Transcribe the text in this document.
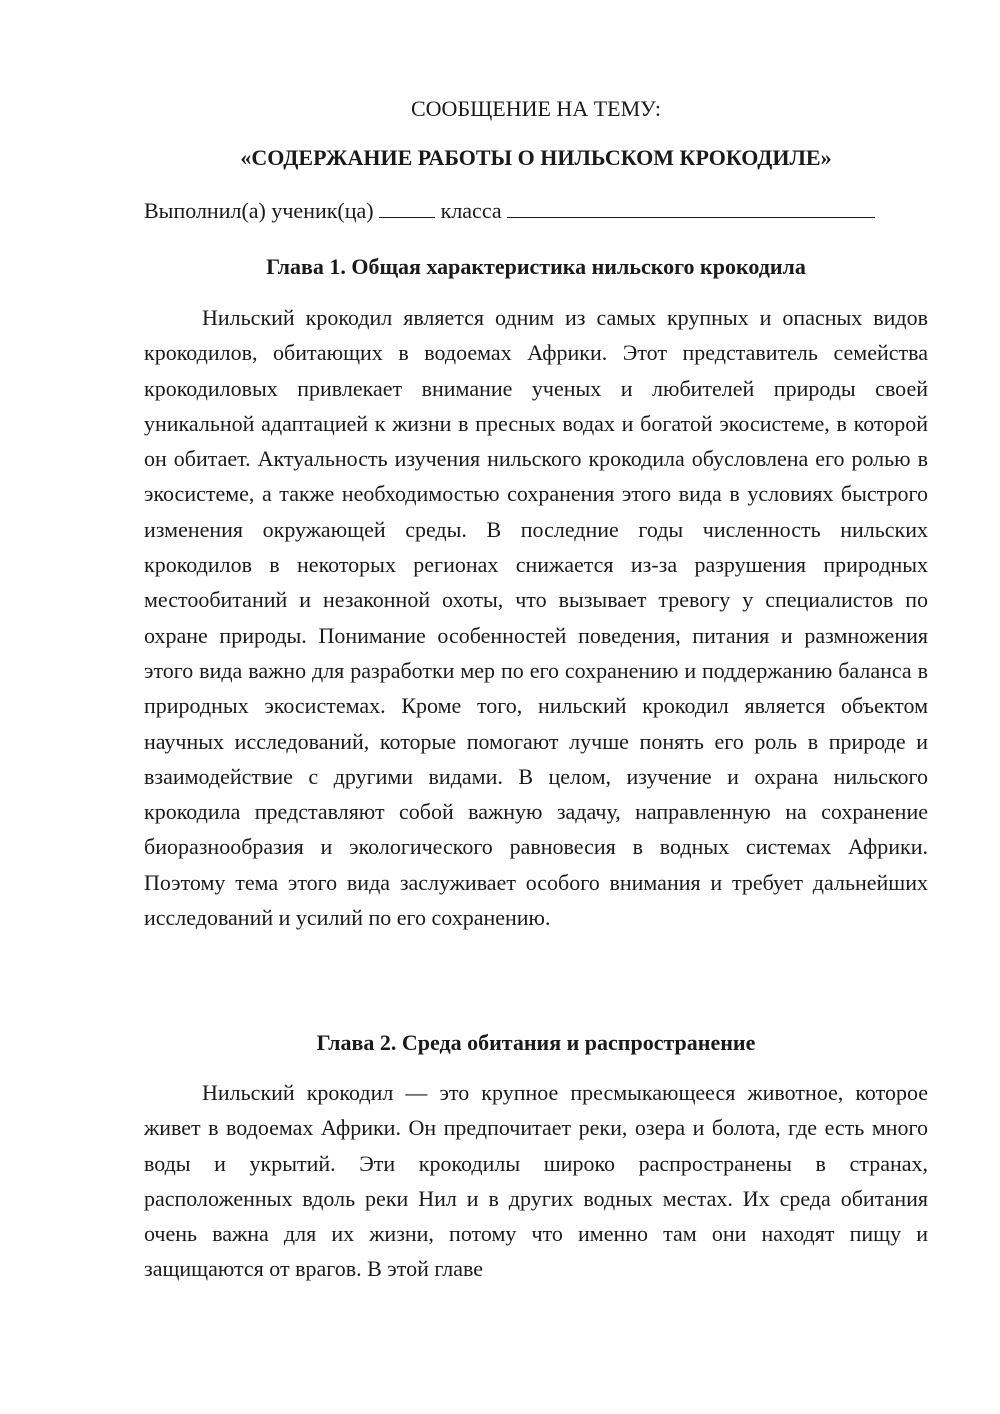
СООБЩЕНИЕ НА ТЕМУ:
«СОДЕРЖАНИЕ РАБОТЫ О НИЛЬСКОМ КРОКОДИЛЕ»
Выполнил(а) ученик(ца)	класса
Глава 1. Общая характеристика нильского крокодила

Нильский крокодил является одним из самых крупных и опасных видов крокодилов, обитающих в водоемах Африки. Этот представитель семейства крокодиловых привлекает внимание ученых и любителей природы своей уникальной адаптацией к жизни в пресных водах и богатой экосистеме, в которой он обитает. Актуальность изучения нильского крокодила обусловлена его ролью в экосистеме, а также необходимостью сохранения этого вида в условиях быстрого изменения окружающей среды. В последние годы численность нильских крокодилов в некоторых регионах снижается из-за разрушения природных местообитаний и незаконной охоты, что вызывает тревогу у специалистов по охране природы. Понимание особенностей поведения, питания и размножения этого вида важно для разработки мер по его сохранению и поддержанию баланса в природных экосистемах. Кроме того, нильский крокодил является объектом научных исследований, которые помогают лучше понять его роль в природе и взаимодействие с другими видами. В целом, изучение и охрана нильского крокодила представляют собой важную задачу, направленную на сохранение биоразнообразия и экологического равновесия в водных системах Африки. Поэтому тема этого вида заслуживает особого внимания и требует дальнейших исследований и усилий по его сохранению.

Глава 2. Среда обитания и распространение

Нильский крокодил — это крупное пресмыкающееся животное, которое живет в водоемах Африки. Он предпочитает реки, озера и болота, где есть много воды и укрытий. Эти крокодилы широко распространены в странах, расположенных вдоль реки Нил и в других водных местах. Их среда обитания очень важна для их жизни, потому что именно там они находят пищу и защищаются от врагов. В этой главе
